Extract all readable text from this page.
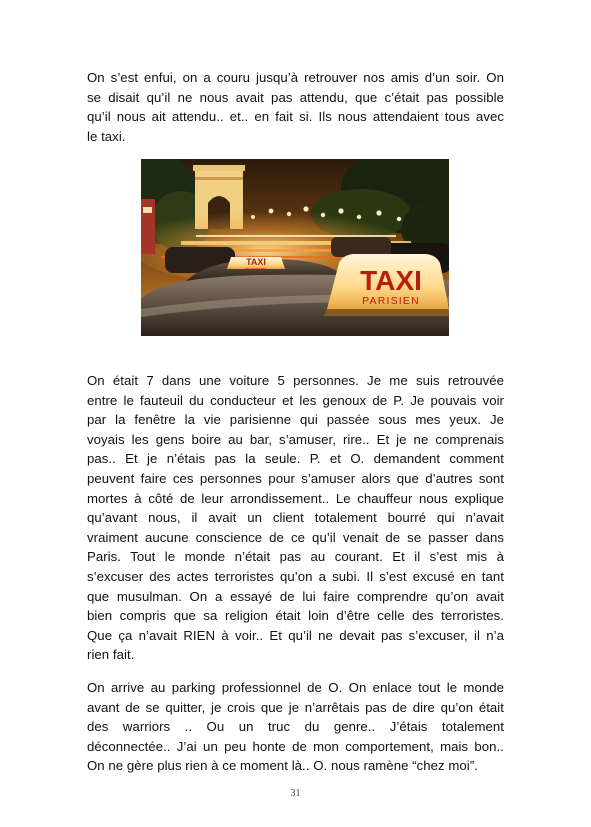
On s’est enfui, on a couru jusqu’à retrouver nos amis d’un soir. On
se disait qu’il ne nous avait pas attendu, que c’était pas possible
qu’il nous ait attendu.. et.. en fait si. Ils nous attendaient tous avec
le taxi.
TAXI
PARISIEN	TAXI
PARISIEN
On était 7 dans une voiture 5 personnes. Je me suis retrouvée
entre le fauteuil du conducteur et les genoux de P. Je pouvais voir
par la fenêtre la vie parisienne qui passée sous mes yeux. Je
voyais les gens boire au bar, s’amuser, rire.. Et je ne comprenais
pas.. Et je n’étais pas la seule. P. et O. demandent comment
peuvent faire ces personnes pour s’amuser alors que d’autres sont
mortes à côté de leur arrondissement.. Le chauffeur nous explique
qu’avant nous, il avait un client totalement bourré qui n’avait
vraiment aucune conscience de ce qu’il venait de se passer dans
Paris. Tout le monde n’était pas au courant. Et il s’est mis à
s’excuser des actes terroristes qu’on a subi. Il s’est excusé en tant
que musulman. On a essayé de lui faire comprendre qu’on avait
bien compris que sa religion était loin d’être celle des terroristes.
Que ça n’avait RIEN à voir.. Et qu’il ne devait pas s’excuser, il n’a
rien fait.
On arrive au parking professionnel de O. On enlace tout le monde
avant de se quitter, je crois que je n’arrêtais pas de dire qu’on était
des warriors .. Ou un truc du genre.. J’étais totalement
déconnectée.. J’ai un peu honte de mon comportement, mais bon..
On ne gère plus rien à ce moment là.. O. nous ramène “chez moi”.
31
